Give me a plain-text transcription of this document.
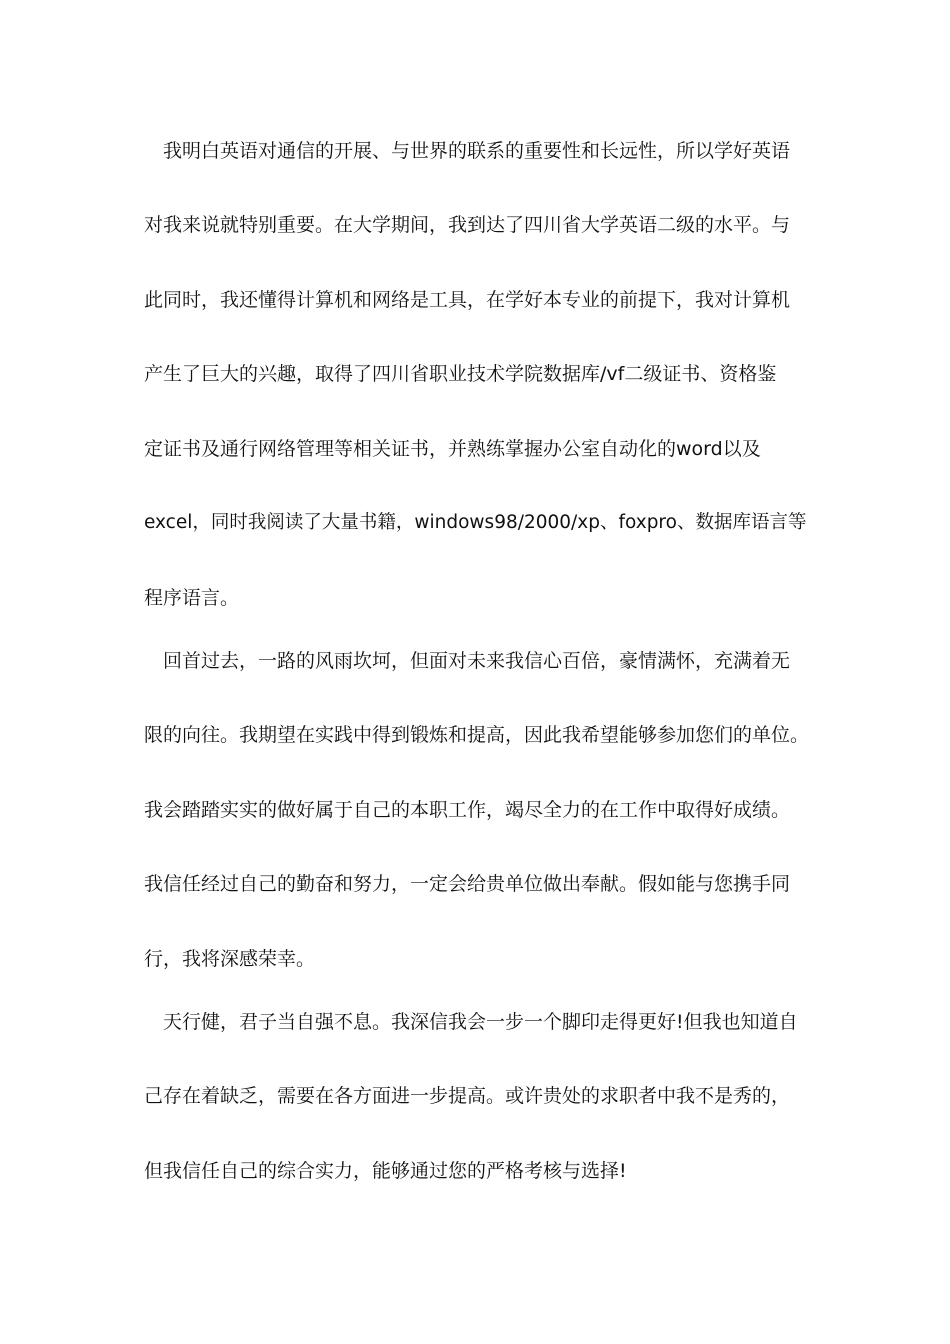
我明白英语对通信的开展、与世界的联系的重要性和长远性，所以学好英语
对我来说就特别重要。在大学期间，我到达了四川省大学英语二级的水平。与
此同时，我还懂得计算机和网络是工具，在学好本专业的前提下，我对计算机
产生了巨大的兴趣，取得了四川省职业技术学院数据库/vf二级证书、资格鉴
定证书及通行网络管理等相关证书，并熟练掌握办公室自动化的word以及
excel，同时我阅读了大量书籍，windows98/2000/xp、foxpro、数据库语言等
程序语言。
回首过去，一路的风雨坎坷，但面对未来我信心百倍，豪情满怀，充满着无
限的向往。我期望在实践中得到锻炼和提高，因此我希望能够参加您们的单位。
我会踏踏实实的做好属于自己的本职工作，竭尽全力的在工作中取得好成绩。
我信任经过自己的勤奋和努力，一定会给贵单位做出奉献。假如能与您携手同
行，我将深感荣幸。
天行健，君子当自强不息。我深信我会一步一个脚印走得更好!但我也知道自
己存在着缺乏，需要在各方面进一步提高。或许贵处的求职者中我不是秀的，
但我信任自己的综合实力，能够通过您的严格考核与选择!
